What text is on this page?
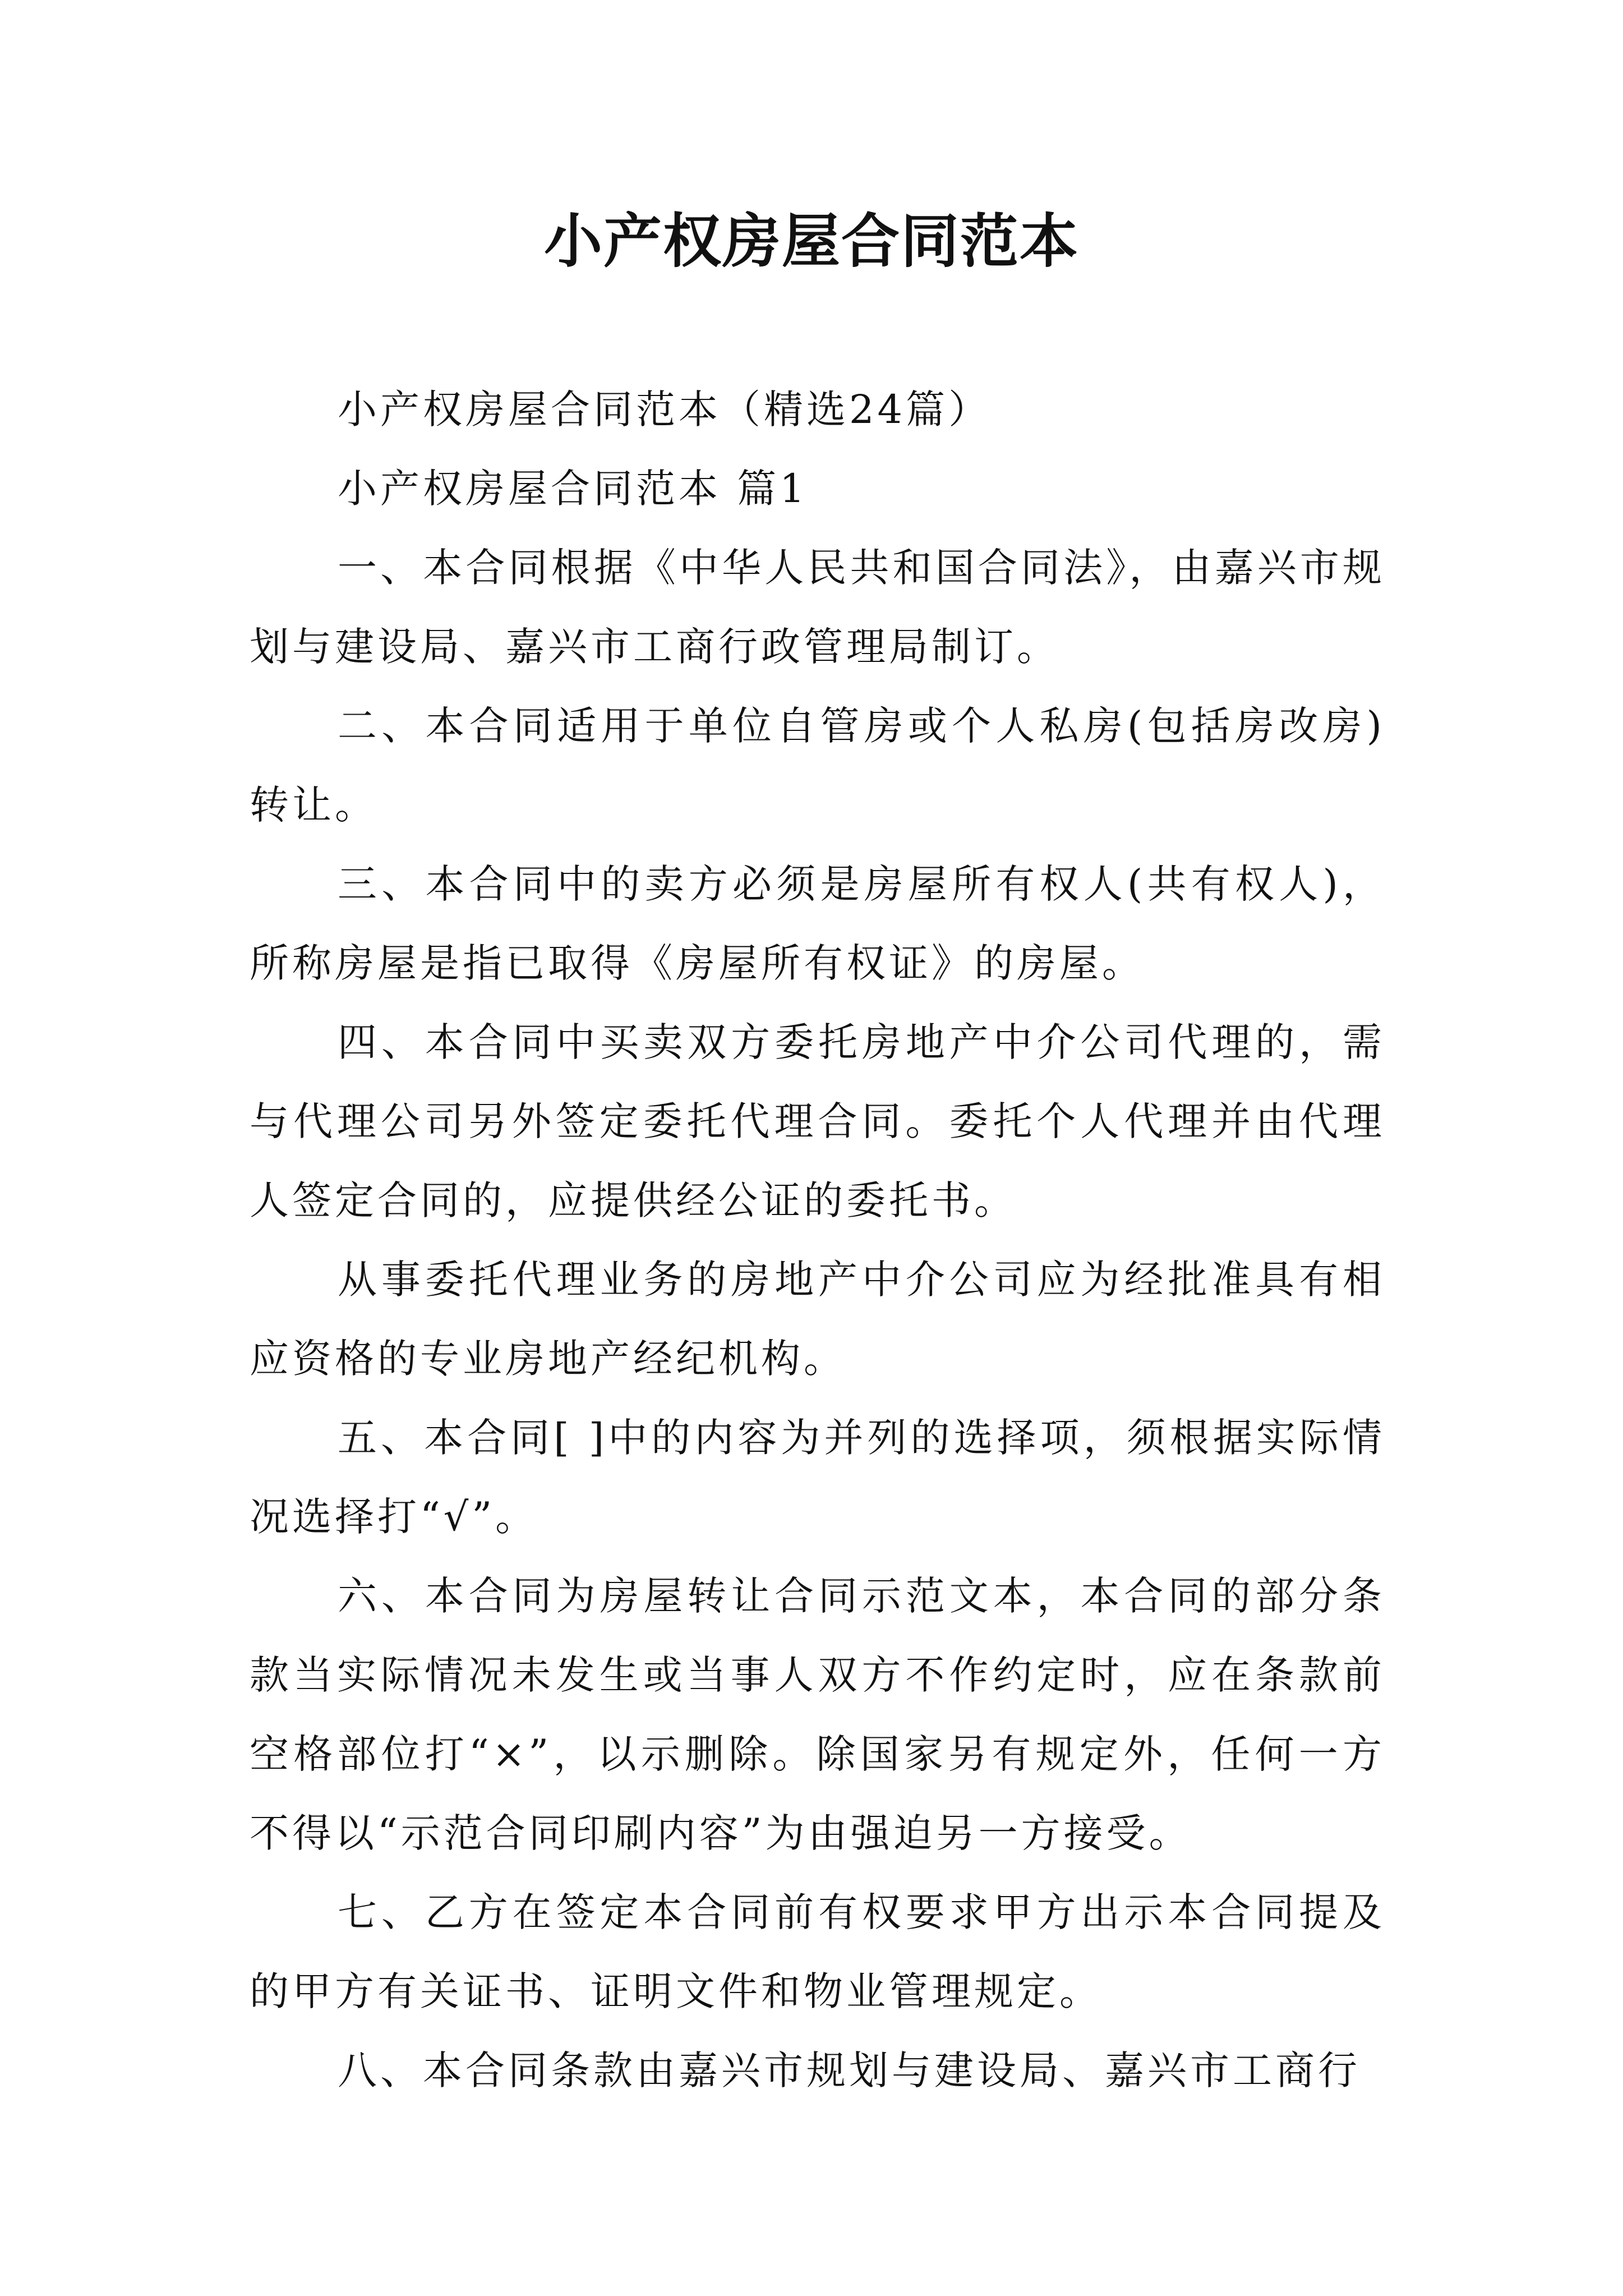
小产权房屋合同范本

小产权房屋合同范本（精选24篇）

小产权房屋合同范本 篇1

一、本合同根据《中华人民共和国合同法》，由嘉兴市规划与建设局、嘉兴市工商行政管理局制订。

二、本合同适用于单位自管房或个人私房(包括房改房)转让。

三、本合同中的卖方必须是房屋所有权人(共有权人)，所称房屋是指已取得《房屋所有权证》的房屋。

四、本合同中买卖双方委托房地产中介公司代理的，需与代理公司另外签定委托代理合同。委托个人代理并由代理人签定合同的，应提供经公证的委托书。

从事委托代理业务的房地产中介公司应为经批准具有相应资格的专业房地产经纪机构。

五、本合同[ ]中的内容为并列的选择项，须根据实际情况选择打“√”。

六、本合同为房屋转让合同示范文本，本合同的部分条款当实际情况未发生或当事人双方不作约定时，应在条款前空格部位打“×”，以示删除。除国家另有规定外，任何一方不得以“示范合同印刷内容”为由强迫另一方接受。

七、乙方在签定本合同前有权要求甲方出示本合同提及的甲方有关证书、证明文件和物业管理规定。

八、本合同条款由嘉兴市规划与建设局、嘉兴市工商行
